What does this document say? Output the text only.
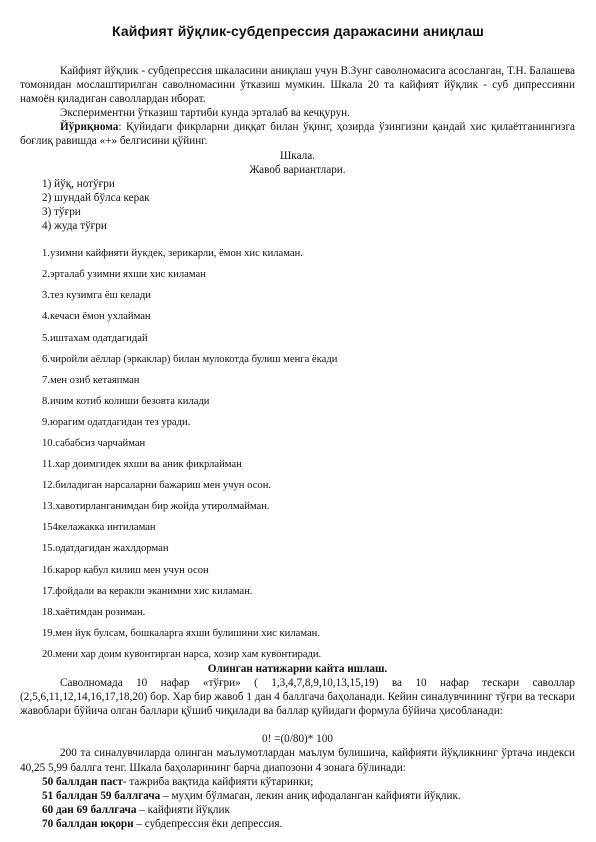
Кайфият йўқлик-субдепрессия даражасини аниқлаш

Кайфият йўқлик - субдепрессия шкаласини аниқлаш учун В.Зунг саволномасига асосланган, Т.Н. Балашева томонидан мослаштирилган саволномасини ўтказиш мумкин. Шкала 20 та кайфият йўқлик - суб дипрессияни намоён қиладиган саволлардан иборат.

Экспериментни ўтказиш тартиби кунда эрталаб ва кечқурун.

Йўриқнома: Қуйидаги фикрларни диққат билан ўқинг, ҳозирда ўзингизни қандай хис қилаётганингизга боғлиқ равишда «+» белгисини қўйинг.

Шкала.

Жавоб вариантлари.

1) йўқ, нотўғри

2) шундай бўлса керак

3) тўғри

4) жуда тўғри

1.узимни кайфияти йукдек, зерикарли, ёмон хис киламан.

2.эрталаб узимни яхши хис киламан

3.тез кузимга ёш келади

4.кечаси ёмон ухлайман

5.иштахам одатдагидай

6.чиройли аёллар (эркаклар) билан мулокотда булиш менга ёкади

7.мен озиб кетаяпман

8.ичим котиб колиши безовта килади

9.юрагим одатдагидан тез уради.

10.сабабсиз чарчайман

11.хар доимгидек яхши ва аник фикрлайман

12.биладиган нарсаларни бажариш мен учун осон.

13.хавотирланганимдан бир жойда утиролмайман.

154келажакка интиламан

15.одатдагидан жахлдорман

16.карор кабул килиш мен учун осон

17.фойдали ва керакли эканимни хис киламан.

18.хаётимдан розиман.

19.мен йук булсам, бошкаларга яхши булишини хис киламан.

20.мени хар доим кувонтирган нарса, хозир хам кувонтиради.

Олинган натижарни кайта ишлаш.

Саволномада 10 нафар «тўғри» ( 1,3,4,7,8,9,10,13,15,19) ва 10 нафар тескари саволлар (2,5,6,11,12,14,16,17,18,20) бор. Хар бир жавоб 1 дан 4 баллгача баҳоланади. Кейин синалувчининг тўғри ва тескари жавоблари бўйича олган баллари қўшиб чиқилади ва баллар қуйидаги формула бўйича ҳисобланади:

0! =(0/80)* 100

200 та синалувчиларда олинган маълумотлардан маълум булишича, кайфияти йўқликнинг ўртача индекси 40,25 5,99 баллга тенг. Шкала баҳоларининг барча диапозони 4 зонага бўлинади:

50 баллдан паст- тажриба вақтида кайфияти кўтаринки;

51 баллдан 59 баллгача – муҳим бўлмаган, лекин аниқ ифодаланган кайфияти йўқлик.

60 дан 69 баллгача – кайфияти йўқлик

70 баллдан юқори – субдепрессия ёки депрессия.
